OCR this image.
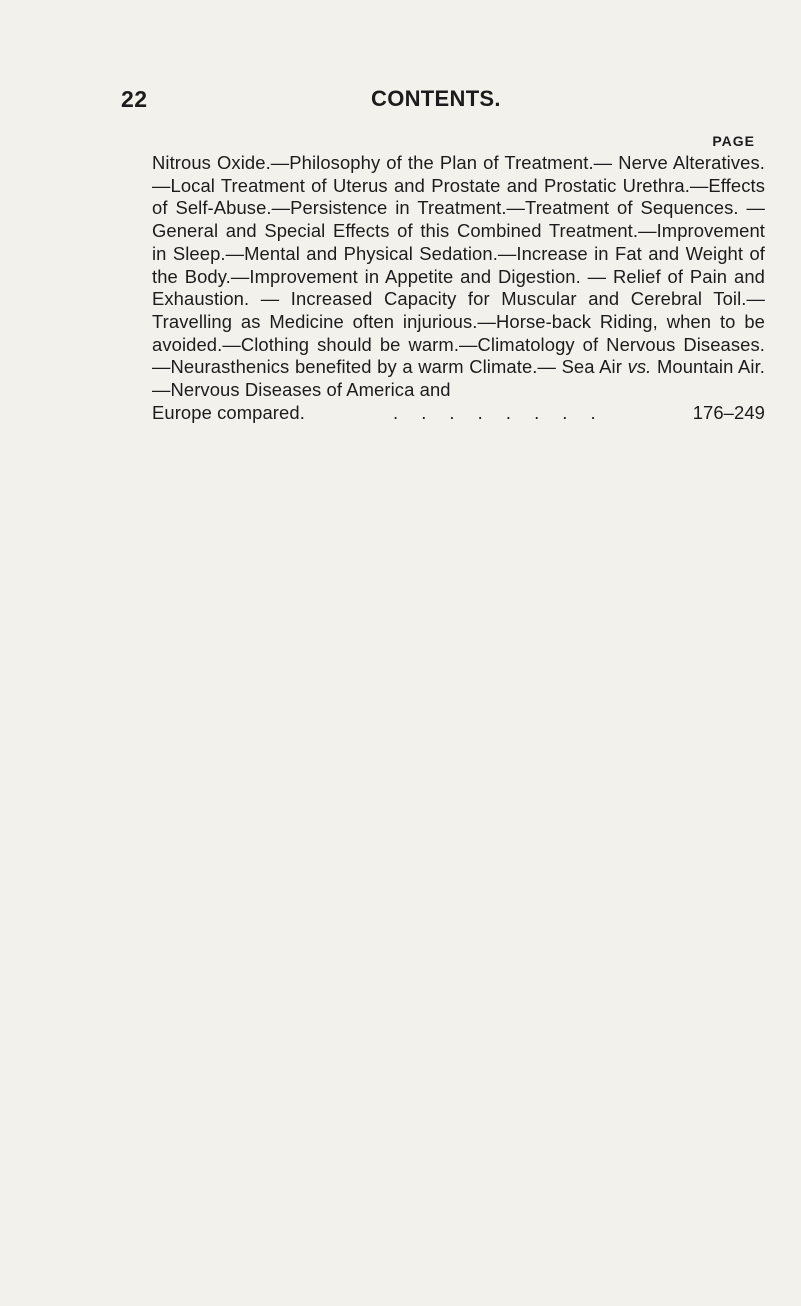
22	CONTENTS.
PAGE
Nitrous Oxide.—Philosophy of the Plan of Treatment.— Nerve Alteratives.—Local Treatment of Uterus and Prostate and Prostatic Urethra.—Effects of Self-Abuse.—Persistence in Treatment.—Treatment of Sequences. — General and Special Effects of this Combined Treatment.—Improvement in Sleep.—Mental and Physical Sedation.—Increase in Fat and Weight of the Body.—Improvement in Appetite and Digestion. — Relief of Pain and Exhaustion. — Increased Capacity for Muscular and Cerebral Toil.—Travelling as Medicine often injurious.—Horse-back Riding, when to be avoided.—Clothing should be warm.—Climatology of Nervous Diseases.—Neurasthenics benefited by a warm Climate.— Sea Air vs. Mountain Air.—Nervous Diseases of America and
Europe compared.	. . . . . . . .	176–249
